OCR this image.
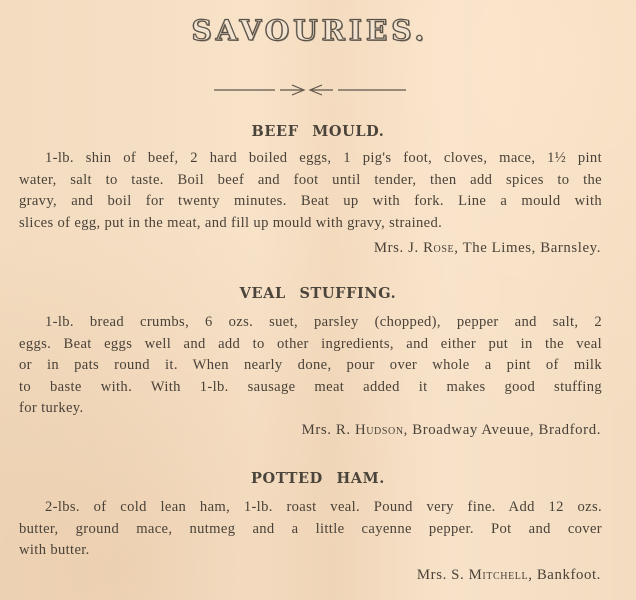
SAVOURIES.
BEEF MOULD.
1-lb. shin of beef, 2 hard boiled eggs, 1 pig's foot, cloves, mace, 1½ pint
water, salt to taste. Boil beef and foot until tender, then add spices to the
gravy, and boil for twenty minutes. Beat up with fork. Line a mould with
slices of egg, put in the meat, and fill up mould with gravy, strained.
Mrs. J. Rose, The Limes, Barnsley.
VEAL STUFFING.
1-lb. bread crumbs, 6 ozs. suet, parsley (chopped), pepper and salt, 2
eggs. Beat eggs well and add to other ingredients, and either put in the veal
or in pats round it. When nearly done, pour over whole a pint of milk
to baste with. With 1-lb. sausage meat added it makes good stuffing
for turkey.
Mrs. R. Hudson, Broadway Aveuue, Bradford.
POTTED HAM.
2-lbs. of cold lean ham, 1-lb. roast veal. Pound very fine. Add 12 ozs.
butter, ground mace, nutmeg and a little cayenne pepper. Pot and cover
with butter.
Mrs. S. Mitchell, Bankfoot.
